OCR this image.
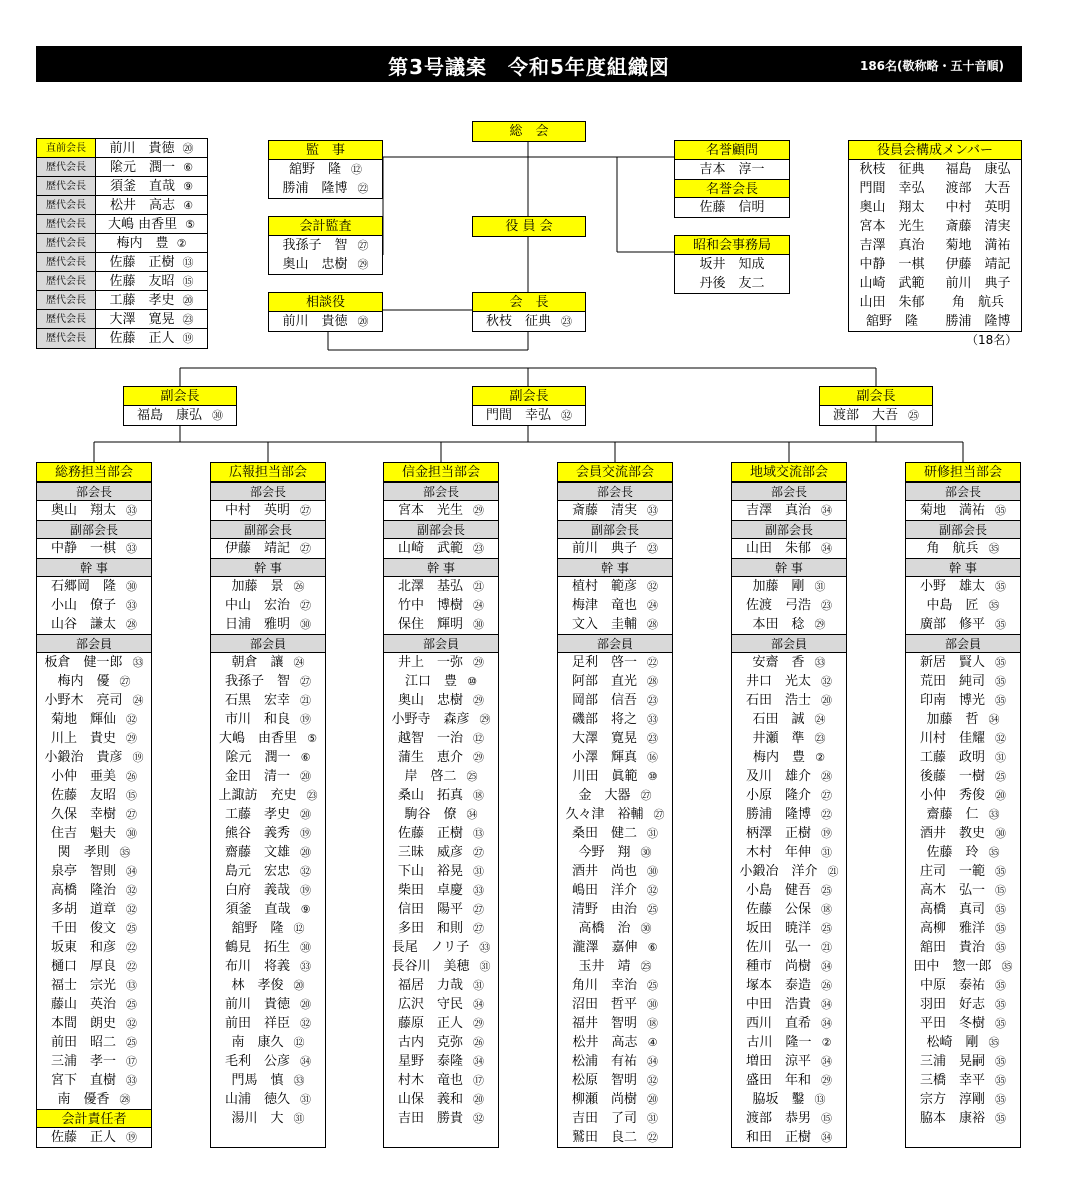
第3号議案　令和5年度組織図	186名(敬称略・五十音順)
直前会長	前川　貴徳 ⑳
歴代会長	隂元　潤一 ⑥
歴代会長	須釜　直哉 ⑨
歴代会長	松井　高志 ④
歴代会長	大嶋 由香里 ⑤
歴代会長	梅内　豊 ②
歴代会長	佐藤　正樹 ⑬
歴代会長	佐藤　友昭 ⑮
歴代会長	工藤　孝史 ⑳
歴代会長	大澤　寛晃 ㉓
歴代会長	佐藤　正人 ⑲
総　会
役 員 会
会　長
秋枝　征典 ㉓
監　事
舘野　隆 ⑫
勝浦　隆博 ㉒
会計監査
我孫子　智 ㉗
奥山　忠樹 ㉙
相談役
前川　貴徳 ⑳
名誉顧問
吉本　淳一
名誉会長
佐藤　信明
昭和会事務局
坂井　知成
丹後　友二
役員会構成メンバー
秋枝　征典	福島　康弘
門間　幸弘	渡部　大吾
奥山　翔太	中村　英明
宮本　光生	斎藤　清実
吉澤　真治	菊地　満祐
中静　一棋	伊藤　靖記
山崎　武範	前川　典子
山田　朱郁	角　航兵
舘野　隆	勝浦　隆博
（18名）
副会長
福島　康弘 ㉚
副会長
門間　幸弘 ㉜
副会長
渡部　大吾 ㉕
総務担当部会
部会長
奥山　翔太 ㉝
副部会長
中静　一棋 ㉝
幹 事
石郷岡　隆 ㉚
小山　僚子 ㉝
山谷　謙太 ㉘
部会員
板倉　健一郎 ㉝
梅内　優 ㉗
小野木　亮司 ㉔
菊地　輝仙 ㉜
川上　貴史 ㉙
小鍛治　貴彦 ⑲
小仲　亜美 ㉖
佐藤　友昭 ⑮
久保　幸樹 ㉗
住吉　魁夫 ㉚
関　孝則 ㉟
泉亭　智則 ㉞
高橋　隆治 ㉜
多胡　道章 ㉜
千田　俊文 ㉕
坂東　和彦 ㉒
樋口　厚良 ㉒
福士　宗光 ⑬
藤山　英治 ㉕
本間　朗史 ㉜
前田　昭二 ㉕
三浦　孝一 ⑰
宮下　直樹 ㉝
南　優香 ㉘
会計責任者
佐藤　正人 ⑲
広報担当部会
部会長
中村　英明 ㉗
副部会長
伊藤　靖記 ㉗
幹 事
加藤　景 ㉖
中山　宏治 ㉗
日浦　雅明 ㉚
部会員
朝倉　讓 ㉔
我孫子　智 ㉗
石黒　宏幸 ㉑
市川　和良 ⑲
大嶋　由香里 ⑤
隂元　潤一 ⑥
金田　清一 ⑳
上諏訪　充史 ㉓
工藤　孝史 ⑳
熊谷　義秀 ⑲
齋藤　文雄 ⑳
島元　宏忠 ㉜
白府　義哉 ⑲
須釜　直哉 ⑨
舘野　隆 ⑫
鶴見　拓生 ㉚
布川　将義 ㉝
林　孝俊 ⑳
前川　貴徳 ⑳
前田　祥臣 ㉜
南　康久 ⑫
毛利　公彦 ㉞
門馬　慎 ㉝
山浦　徳久 ㉛
湯川　大 ㉛
信金担当部会
部会長
宮本　光生 ㉙
副部会長
山崎　武範 ㉓
幹 事
北澤　基弘 ㉑
竹中　博樹 ㉔
保住　輝明 ㉚
部会員
井上　一弥 ㉙
江口　豊 ⑩
奥山　忠樹 ㉙
小野寺　森彦 ㉙
越智　一治 ⑫
蒲生　恵介 ㉙
岸　啓二 ㉕
桑山　拓真 ⑱
駒谷　僚 ㉞
佐藤　正樹 ⑬
三昧　威彦 ㉗
下山　裕晃 ㉛
柴田　卓慶 ㉝
信田　陽平 ㉗
多田　和則 ㉗
長尾　ノリ子 ㉝
長谷川　美穂 ㉛
福居　力哉 ㉛
広沢　守民 ㉞
藤原　正人 ㉙
古内　克弥 ㉖
星野　泰隆 ㉞
村木　竜也 ⑰
山保　義和 ⑳
吉田　勝貴 ㉜
会員交流部会
部会長
斎藤　清実 ㉝
副部会長
前川　典子 ㉓
幹 事
植村　範彦 ㉜
梅津　竜也 ㉔
文入　圭輔 ㉘
部会員
足利　啓一 ㉒
阿部　直光 ㉘
岡部　信吾 ㉓
磯部　将之 ㉝
大澤　寛晃 ㉓
小澤　輝真 ⑯
川田　眞範 ⑩
金　大器 ㉗
久々津　裕輔 ㉗
桑田　健二 ㉛
今野　翔 ㉚
酒井　尚也 ㉚
嶋田　洋介 ㉜
清野　由治 ㉕
高橋　治 ㉚
瀧澤　嘉伸 ⑥
玉井　靖 ㉕
角川　幸治 ㉕
沼田　哲平 ㉚
福井　智明 ⑱
松井　高志 ④
松浦　有祐 ㉞
松原　智明 ㉜
柳瀬　尚樹 ⑳
吉田　了司 ㉛
鷲田　良二 ㉒
地域交流部会
部会長
吉澤　真治 ㉞
副部会長
山田　朱郁 ㉞
幹 事
加藤　剛 ㉛
佐渡　弓浩 ㉓
本田　稔 ㉙
部会員
安齋　香 ㉝
井口　光太 ㉜
石田　浩士 ⑳
石田　誠 ㉔
井瀬　準 ㉓
梅内　豊 ②
及川　雄介 ㉘
小原　隆介 ㉗
勝浦　隆博 ㉒
柄澤　正樹 ⑲
木村　年伸 ㉛
小鍛冶　洋介 ㉑
小島　健吾 ㉕
佐藤　公保 ⑱
坂田　暁洋 ㉕
佐川　弘一 ㉑
種市　尚樹 ㉞
塚本　泰造 ㉖
中田　浩貴 ㉞
西川　直希 ㉞
古川　隆一 ②
増田　涼平 ㉞
盛田　年和 ㉙
脇坂　鑿 ⑬
渡部　恭男 ⑮
和田　正樹 ㉞
研修担当部会
部会長
菊地　満祐 ㉟
副部会長
角　航兵 ㉟
幹 事
小野　雄太 ㉟
中島　匠 ㉟
廣部　修平 ㉟
部会員
新居　賢人 ㉟
荒田　純司 ㉟
印南　博光 ㉟
加藤　哲 ㉞
川村　佳耀 ㉜
工藤　政明 ㉛
後藤　一樹 ㉕
小仲　秀俊 ⑳
齋藤　仁 ㉝
酒井　教史 ㉚
佐藤　玲 ㉟
庄司　一範 ㉟
高木　弘一 ⑮
高橋　真司 ㉟
高柳　雅洋 ㉟
舘田　貴治 ㉟
田中　惣一郎 ㉟
中原　泰祐 ㉟
羽田　好志 ㉟
平田　冬樹 ㉟
松崎　剛 ㉟
三浦　晃嗣 ㉟
三橋　幸平 ㉟
宗方　淳剛 ㉟
脇本　康裕 ㉟
